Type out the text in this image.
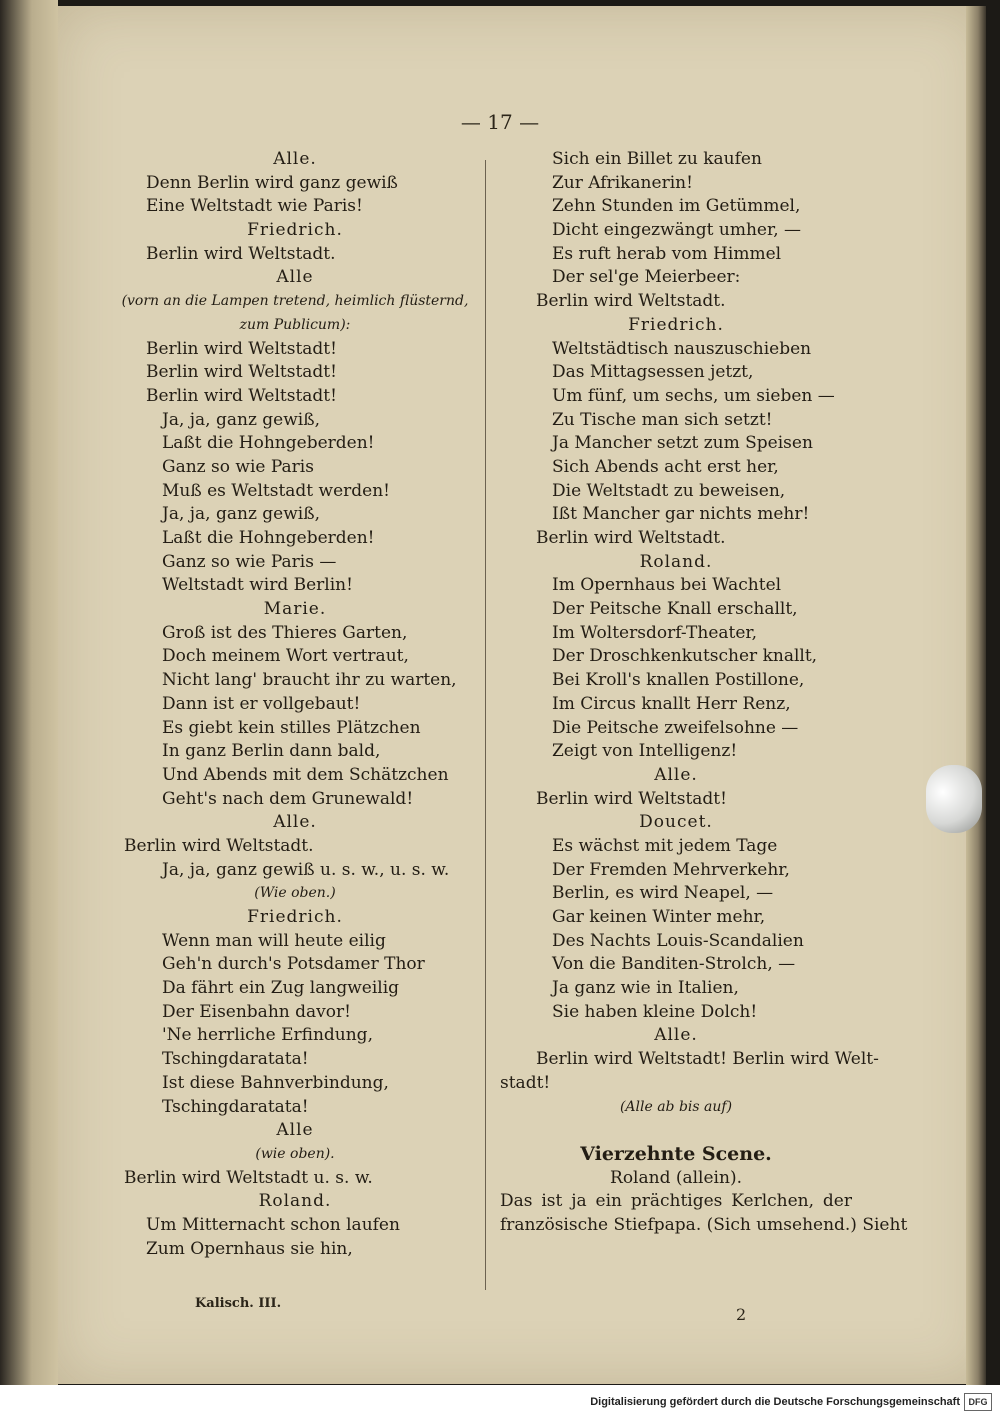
— 17 —
Alle.
Denn Berlin wird ganz gewiß
Eine Weltstadt wie Paris!
Friedrich.
Berlin wird Weltstadt.
Alle
(vorn an die Lampen tretend, heimlich flüsternd,
zum Publicum):
Berlin wird Weltstadt!
Berlin wird Weltstadt!
Berlin wird Weltstadt!
Ja, ja, ganz gewiß,
Laßt die Hohngeberden!
Ganz so wie Paris
Muß es Weltstadt werden!
Ja, ja, ganz gewiß,
Laßt die Hohngeberden!
Ganz so wie Paris —
Weltstadt wird Berlin!
Marie.
Groß ist des Thieres Garten,
Doch meinem Wort vertraut,
Nicht lang' braucht ihr zu warten,
Dann ist er vollgebaut!
Es giebt kein stilles Plätzchen
In ganz Berlin dann bald,
Und Abends mit dem Schätzchen
Geht's nach dem Grunewald!
Alle.
Berlin wird Weltstadt.
Ja, ja, ganz gewiß u. s. w., u. s. w.
(Wie oben.)
Friedrich.
Wenn man will heute eilig
Geh'n durch's Potsdamer Thor
Da fährt ein Zug langweilig
Der Eisenbahn davor!
'Ne herrliche Erfindung,
Tschingdaratata!
Ist diese Bahnverbindung,
Tschingdaratata!
Alle
(wie oben).
Berlin wird Weltstadt u. s. w.
Roland.
Um Mitternacht schon laufen
Zum Opernhaus sie hin,
Sich ein Billet zu kaufen
Zur Afrikanerin!
Zehn Stunden im Getümmel,
Dicht eingezwängt umher, —
Es ruft herab vom Himmel
Der sel'ge Meierbeer:
Berlin wird Weltstadt.
Friedrich.
Weltstädtisch nauszuschieben
Das Mittagsessen jetzt,
Um fünf, um sechs, um sieben —
Zu Tische man sich setzt!
Ja Mancher setzt zum Speisen
Sich Abends acht erst her,
Die Weltstadt zu beweisen,
Ißt Mancher gar nichts mehr!
Berlin wird Weltstadt.
Roland.
Im Opernhaus bei Wachtel
Der Peitsche Knall erschallt,
Im Woltersdorf-Theater,
Der Droschkenkutscher knallt,
Bei Kroll's knallen Postillone,
Im Circus knallt Herr Renz,
Die Peitsche zweifelsohne —
Zeigt von Intelligenz!
Alle.
Berlin wird Weltstadt!
Doucet.
Es wächst mit jedem Tage
Der Fremden Mehrverkehr,
Berlin, es wird Neapel, —
Gar keinen Winter mehr,
Des Nachts Louis-Scandalien
Von die Banditen-Strolch, —
Ja ganz wie in Italien,
Sie haben kleine Dolch!
Alle.
Berlin wird Weltstadt! Berlin wird Welt-
stadt!
(Alle ab bis auf)
Vierzehnte Scene.
Roland (allein).
Das ist ja ein prächtiges Kerlchen, der
französische Stiefpapa. (Sich umsehend.) Sieht
Kalisch. III.
2
Digitalisierung gefördert durch die Deutsche Forschungsgemeinschaft DFG
